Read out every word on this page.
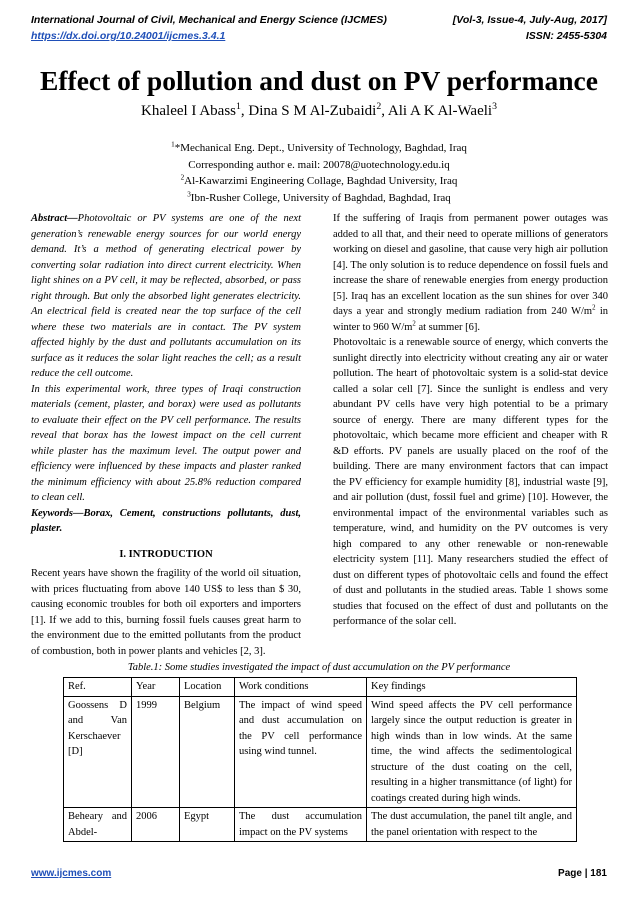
International Journal of Civil, Mechanical and Energy Science (IJCMES)	[Vol-3, Issue-4, July-Aug, 2017]
https://dx.doi.org/10.24001/ijcmes.3.4.1	ISSN: 2455-5304
Effect of pollution and dust on PV performance
Khaleel I Abass$^1$, Dina S M Al-Zubaidi$^2$, Ali A K Al-Waeli$^3$
$^1$*Mechanical Eng. Dept., University of Technology, Baghdad, Iraq
Corresponding author e. mail: 20078@uotechnology.edu.iq
$^2$Al-Kawarzimi Engineering Collage, Baghdad University, Iraq
$^3$Ibn-Rusher College, University of Baghdad, Baghdad, Iraq

Abstract—Photovoltaic or PV systems are one of the next generation’s renewable energy sources for our world energy demand. It’s a method of generating electrical power by converting solar radiation into direct current electricity. When light shines on a PV cell, it may be reflected, absorbed, or pass right through. But only the absorbed light generates electricity. An electrical field is created near the top surface of the cell where these two materials are in contact. The PV system affected highly by the dust and pollutants accumulation on its surface as it reduces the solar light reaches the cell; as a result reduce the cell outcome.

In this experimental work, three types of Iraqi construction materials (cement, plaster, and borax) were used as pollutants to evaluate their effect on the PV cell performance. The results reveal that borax has the lowest impact on the cell current while plaster has the maximum level. The output power and efficiency were influenced by these impacts and plaster ranked the minimum efficiency with about 25.8% reduction compared to clean cell.

Keywords—Borax, Cement, constructions pollutants, dust, plaster.

I. INTRODUCTION

Recent years have shown the fragility of the world oil situation, with prices fluctuating from above 140 US$ to less than $ 30, causing economic troubles for both oil exporters and importers [1]. If we add to this, burning fossil fuels causes great harm to the environment due to the emitted pollutants from the product of combustion, both in power plants and vehicles [2, 3].

If the suffering of Iraqis from permanent power outages was added to all that, and their need to operate millions of generators working on diesel and gasoline, that cause very high air pollution [4]. The only solution is to reduce dependence on fossil fuels and increase the share of renewable energies from energy production [5]. Iraq has an excellent location as the sun shines for over 340 days a year and strongly medium radiation from 240 $W/m^2$ in winter to 960 $W/m^2$ at summer [6].

Photovoltaic is a renewable source of energy, which converts the sunlight directly into electricity without creating any air or water pollution. The heart of photovoltaic system is a solid-stat device called a solar cell [7]. Since the sunlight is endless and very abundant PV cells have very high potential to be a primary source of energy. There are many different types for the photovoltaic, which became more efficient and cheaper with R &D efforts. PV panels are usually placed on the roof of the building. There are many environment factors that can impact the PV efficiency for example humidity [8], industrial waste [9], and air pollution (dust, fossil fuel and grime) [10]. However, the environmental impact of the environmental variables such as temperature, wind, and humidity on the PV outcomes is very high compared to any other renewable or non-renewable electricity system [11]. Many researchers studied the effect of dust on different types of photovoltaic cells and found the effect of dust and pollutants in the studied areas. Table 1 shows some studies that focused on the effect of dust and pollutants on the performance of the solar cell.

Table.1: Some studies investigated the impact of dust accumulation on the PV performance
Ref.	Year	Location	Work conditions	Key findings
Goossens D and Van Kerschaever [D]	1999	Belgium	The impact of wind speed and dust accumulation on the PV cell performance using wind tunnel.	Wind speed affects the PV cell performance largely since the output reduction is greater in high winds than in low winds. At the same time, the wind affects the sedimentological structure of the dust coating on the cell, resulting in a higher transmittance (of light) for coatings created during high winds.
Beheary and Abdel-	2006	Egypt	The dust accumulation impact on the PV systems	The dust accumulation, the panel tilt angle, and the panel orientation with respect to the
www.ijcmes.com	Page | 181
